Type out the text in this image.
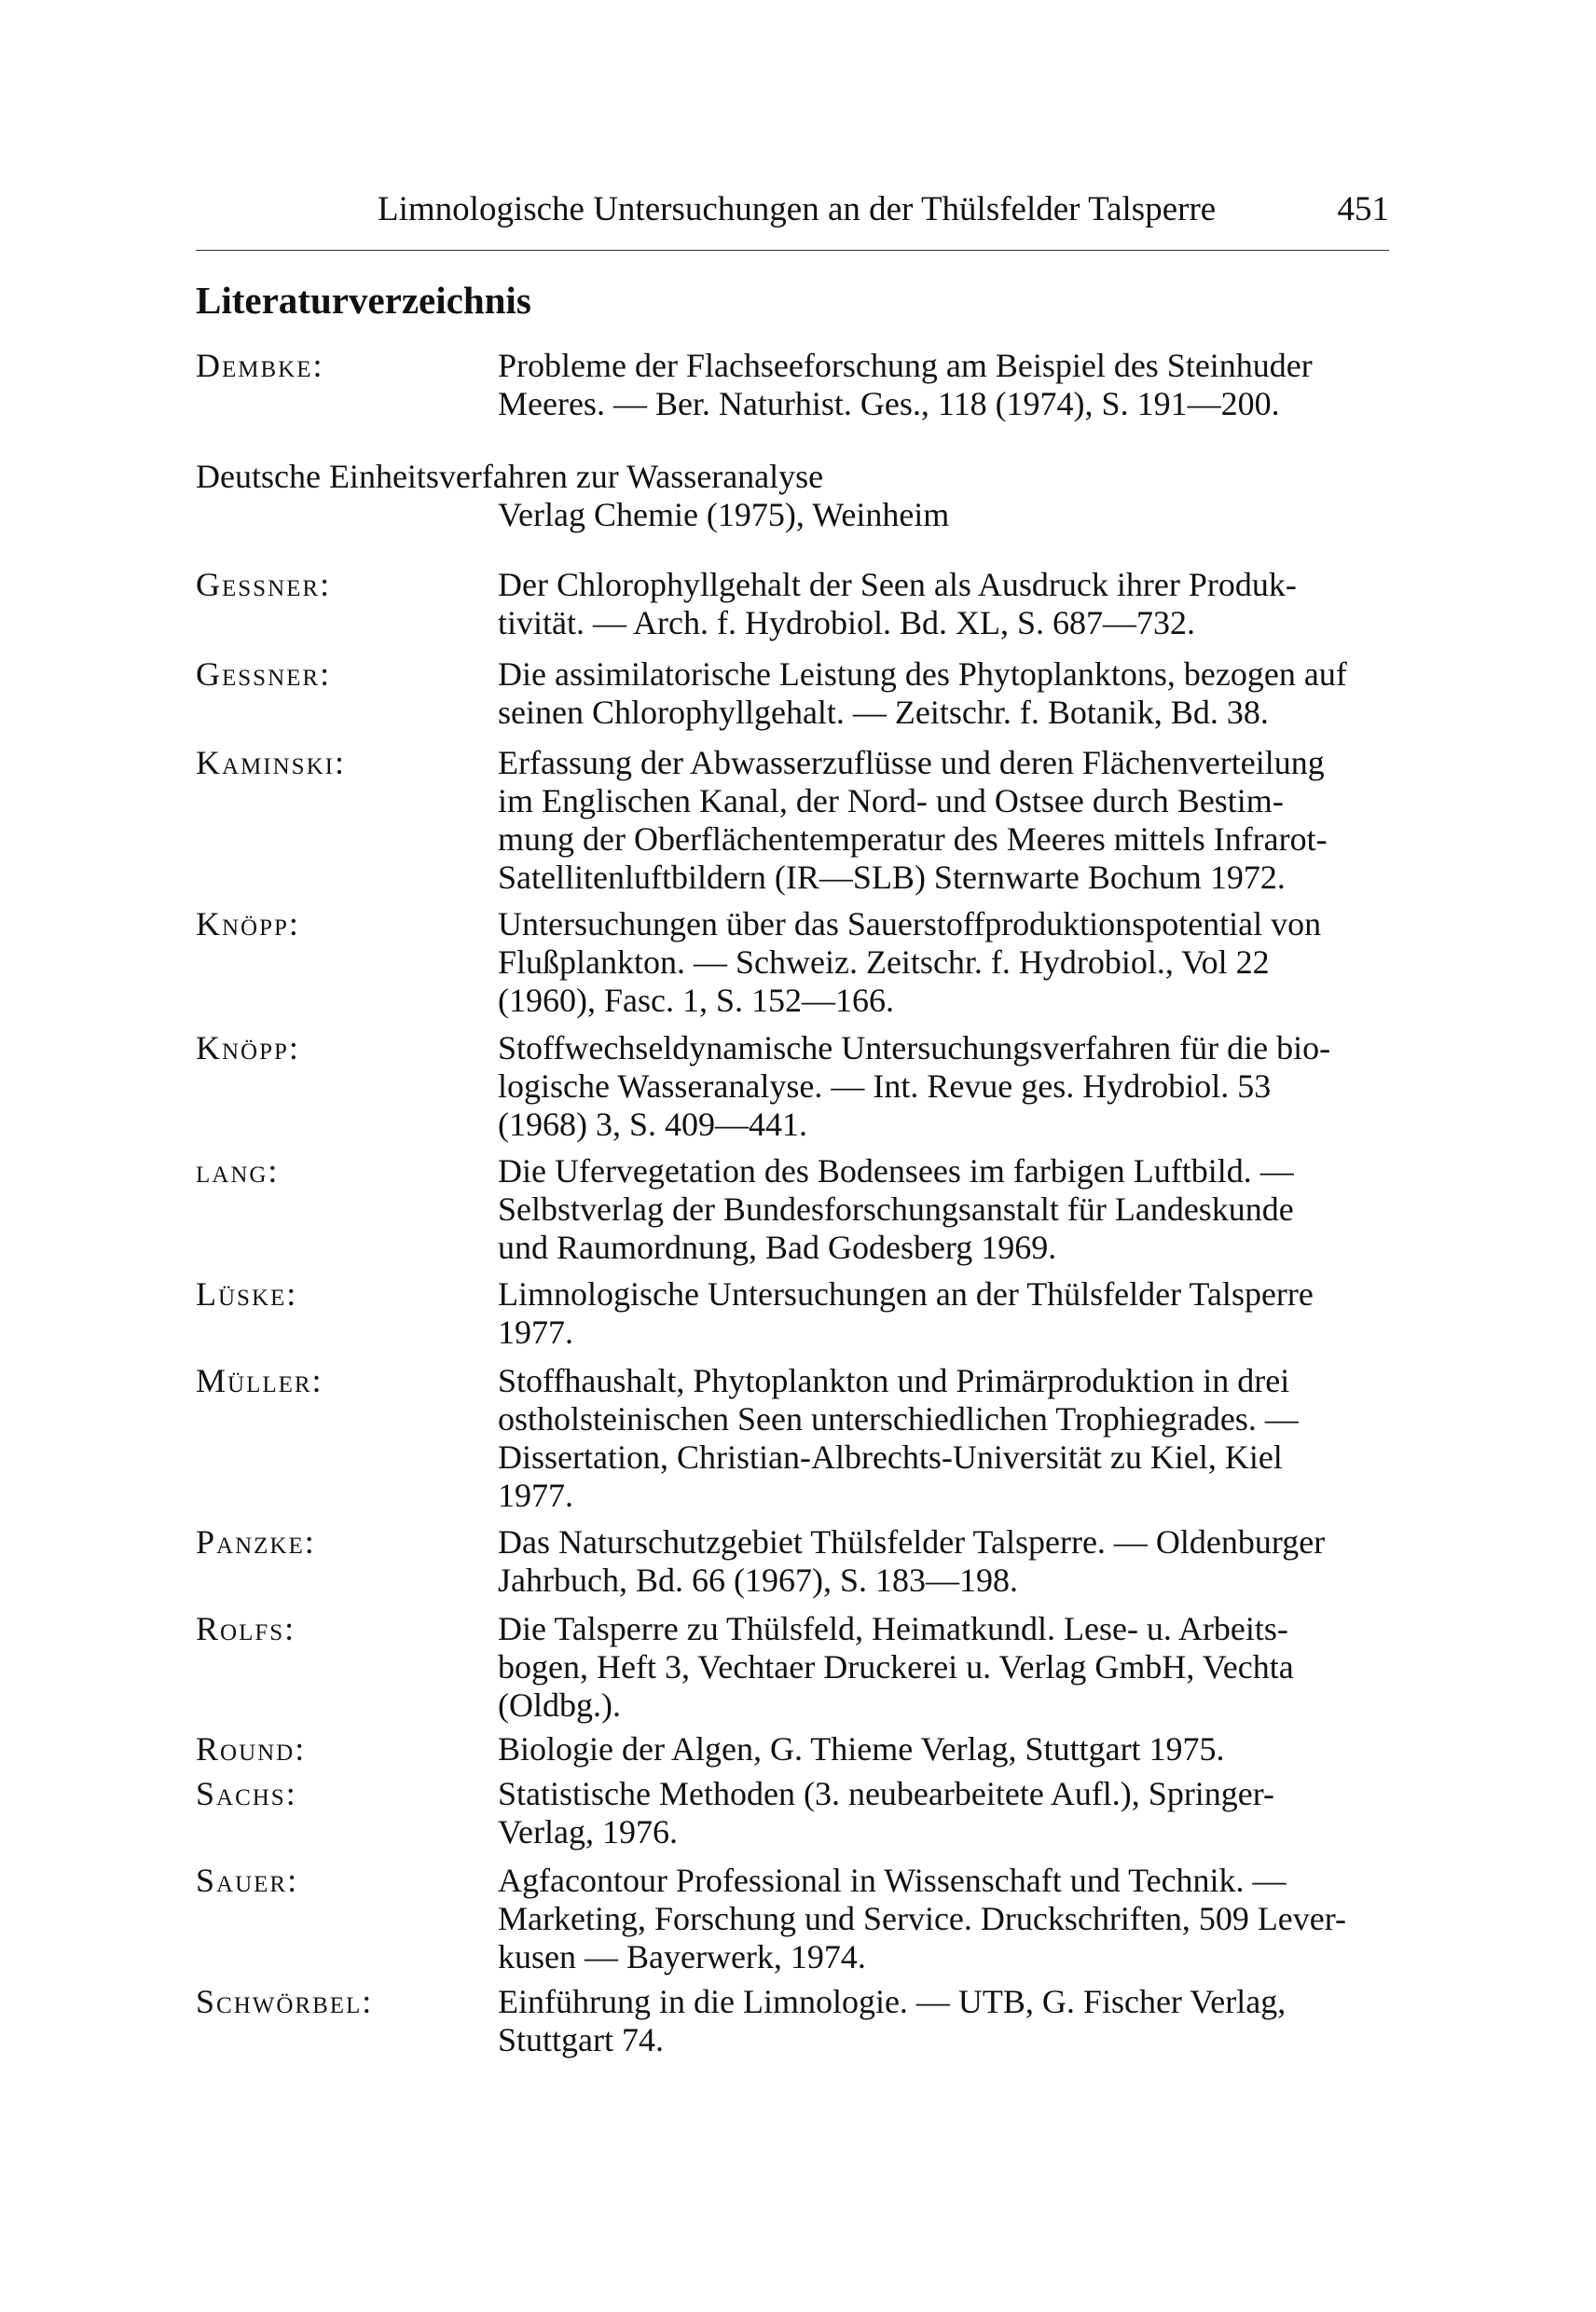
Limnologische Untersuchungen an der Thülsfelder Talsperre	451
Literaturverzeichnis
Dembke:	Probleme der Flachseeforschung am Beispiel des Steinhuder
Meeres. — Ber. Naturhist. Ges., 118 (1974), S. 191—200.
Deutsche Einheitsverfahren zur Wasseranalyse
Verlag Chemie (1975), Weinheim
Gessner:	Der Chlorophyllgehalt der Seen als Ausdruck ihrer Produk-
tivität. — Arch. f. Hydrobiol. Bd. XL, S. 687—732.
Gessner:	Die assimilatorische Leistung des Phytoplanktons, bezogen auf
seinen Chlorophyllgehalt. — Zeitschr. f. Botanik, Bd. 38.
Kaminski:	Erfassung der Abwasserzuflüsse und deren Flächenverteilung
im Englischen Kanal, der Nord- und Ostsee durch Bestim-
mung der Oberflächentemperatur des Meeres mittels Infrarot-
Satellitenluftbildern (IR—SLB) Sternwarte Bochum 1972.
Knöpp:	Untersuchungen über das Sauerstoffproduktionspotential von
Flußplankton. — Schweiz. Zeitschr. f. Hydrobiol., Vol 22
(1960), Fasc. 1, S. 152—166.
Knöpp:	Stoffwechseldynamische Untersuchungsverfahren für die bio-
logische Wasseranalyse. — Int. Revue ges. Hydrobiol. 53
(1968) 3, S. 409—441.
lang:	Die Ufervegetation des Bodensees im farbigen Luftbild. —
Selbstverlag der Bundesforschungsanstalt für Landeskunde
und Raumordnung, Bad Godesberg 1969.
Lüske:	Limnologische Untersuchungen an der Thülsfelder Talsperre
1977.
Müller:	Stoffhaushalt, Phytoplankton und Primärproduktion in drei
ostholsteinischen Seen unterschiedlichen Trophiegrades. —
Dissertation, Christian-Albrechts-Universität zu Kiel, Kiel
1977.
Panzke:	Das Naturschutzgebiet Thülsfelder Talsperre. — Oldenburger
Jahrbuch, Bd. 66 (1967), S. 183—198.
Rolfs:	Die Talsperre zu Thülsfeld, Heimatkundl. Lese- u. Arbeits-
bogen, Heft 3, Vechtaer Druckerei u. Verlag GmbH, Vechta
(Oldbg.).
Round:	Biologie der Algen, G. Thieme Verlag, Stuttgart 1975.
Sachs:	Statistische Methoden (3. neubearbeitete Aufl.), Springer-
Verlag, 1976.
Sauer:	Agfacontour Professional in Wissenschaft und Technik. —
Marketing, Forschung und Service. Druckschriften, 509 Lever-
kusen — Bayerwerk, 1974.
Schwörbel:	Einführung in die Limnologie. — UTB, G. Fischer Verlag,
Stuttgart 74.
